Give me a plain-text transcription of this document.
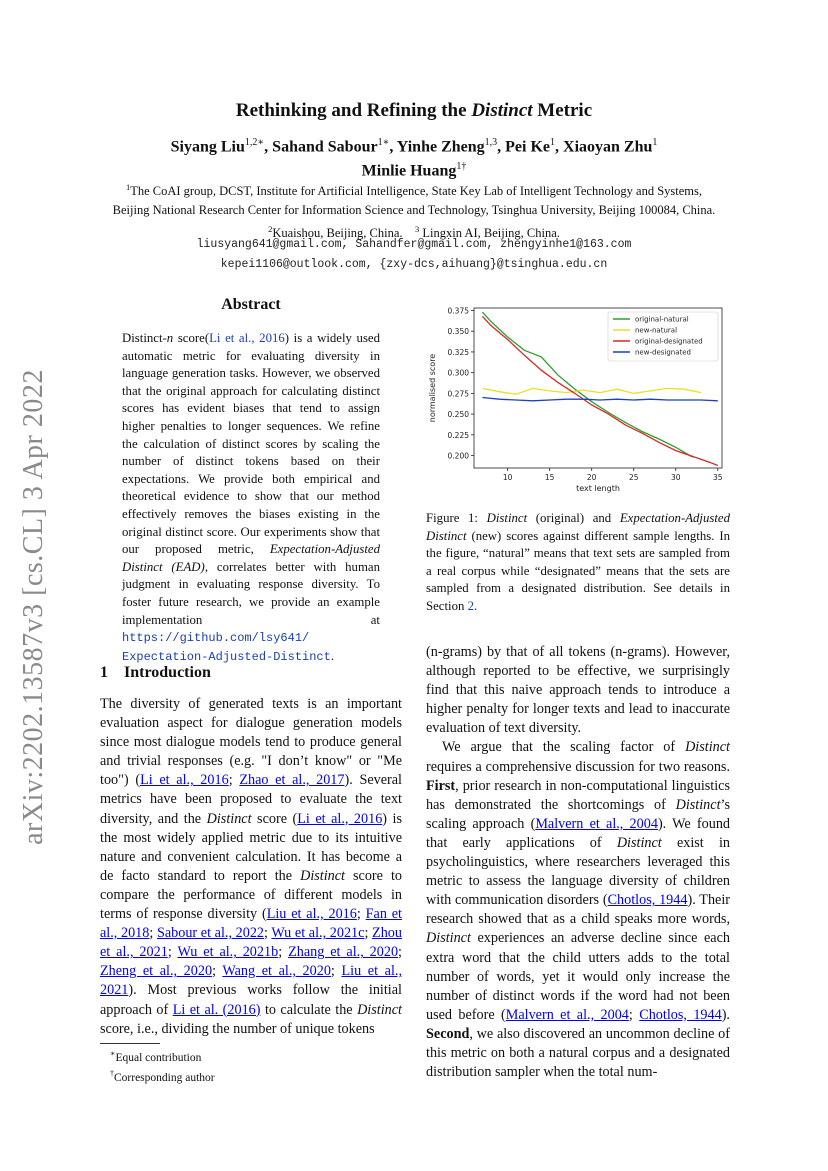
arXiv:2202.13587v3 [cs.CL] 3 Apr 2022
Rethinking and Refining the Distinct Metric
Siyang Liu$^{1,2∗}$, Sahand Sabour$^{1∗}$, Yinhe Zheng$^{1,3}$, Pei Ke$^1$, Xiaoyan Zhu$^1$
Minlie Huang$^{1\dagger}$
$^1$The CoAI group, DCST, Institute for Artificial Intelligence, State Key Lab of Intelligent Technology and Systems,
Beijing National Research Center for Information Science and Technology, Tsinghua University, Beijing 100084, China.
$^2$Kuaishou, Beijing, China. $^3$ Lingxin AI, Beijing, China.
liusyang641@gmail.com, Sahandfer@gmail.com, zhengyinhe1@163.com
kepei1106@outlook.com, {zxy-dcs,aihuang}@tsinghua.edu.cn
Abstract
Distinct-n score(Li et al., 2016) is a widely used automatic metric for evaluating diversity in language generation tasks. However, we observed that the original approach for calculating distinct scores has evident biases that tend to assign higher penalties to longer sequences. We refine the calculation of distinct scores by scaling the number of distinct tokens based on their expectations. We provide both empirical and theoretical evidence to show that our method effectively removes the biases existing in the original distinct score. Our experiments show that our proposed metric, Expectation-Adjusted Distinct (EAD), correlates better with human judgment in evaluating response diversity. To foster future research, we provide an example implementation at https://github.com/lsy641/
Expectation-Adjusted-Distinct.
1 Introduction

The diversity of generated texts is an important evaluation aspect for dialogue generation models since most dialogue models tend to produce general and trivial responses (e.g. "I don’t know" or "Me too") (Li et al., 2016; Zhao et al., 2017). Several metrics have been proposed to evaluate the text diversity, and the Distinct score (Li et al., 2016) is the most widely applied metric due to its intuitive nature and convenient calculation. It has become a de facto standard to report the Distinct score to compare the performance of different models in terms of response diversity (Liu et al., 2016; Fan et al., 2018; Sabour et al., 2022; Wu et al., 2021c; Zhou et al., 2021; Wu et al., 2021b; Zhang et al., 2020; Zheng et al., 2020; Wang et al., 2020; Liu et al., 2021). Most previous works follow the initial approach of Li et al. (2016) to calculate the Distinct score, i.e., dividing the number of unique tokens

∗Equal contribution
†Corresponding author
0.200
0.225
0.250
0.275
0.300
0.325
0.350
0.375
10	15	20	25	30	35
text length
normalised score
original-natural
new-natural
original-designated
new-designated

Figure 1: Distinct (original) and Expectation-Adjusted Distinct (new) scores against different sample lengths. In the figure, “natural” means that text sets are sampled from a real corpus while “designated” means that the sets are sampled from a designated distribution. See details in Section 2.

(n-grams) by that of all tokens (n-grams). However, although reported to be effective, we surprisingly find that this naive approach tends to introduce a higher penalty for longer texts and lead to inaccurate evaluation of text diversity.

We argue that the scaling factor of Distinct requires a comprehensive discussion for two reasons. First, prior research in non-computational linguistics has demonstrated the shortcomings of Distinct’s scaling approach (Malvern et al., 2004). We found that early applications of Distinct exist in psycholinguistics, where researchers leveraged this metric to assess the language diversity of children with communication disorders (Chotlos, 1944). Their research showed that as a child speaks more words, Distinct experiences an adverse decline since each extra word that the child utters adds to the total number of words, yet it would only increase the number of distinct words if the word had not been used before (Malvern et al., 2004; Chotlos, 1944). Second, we also discovered an uncommon decline of this metric on both a natural corpus and a designated distribution sampler when the total num-
